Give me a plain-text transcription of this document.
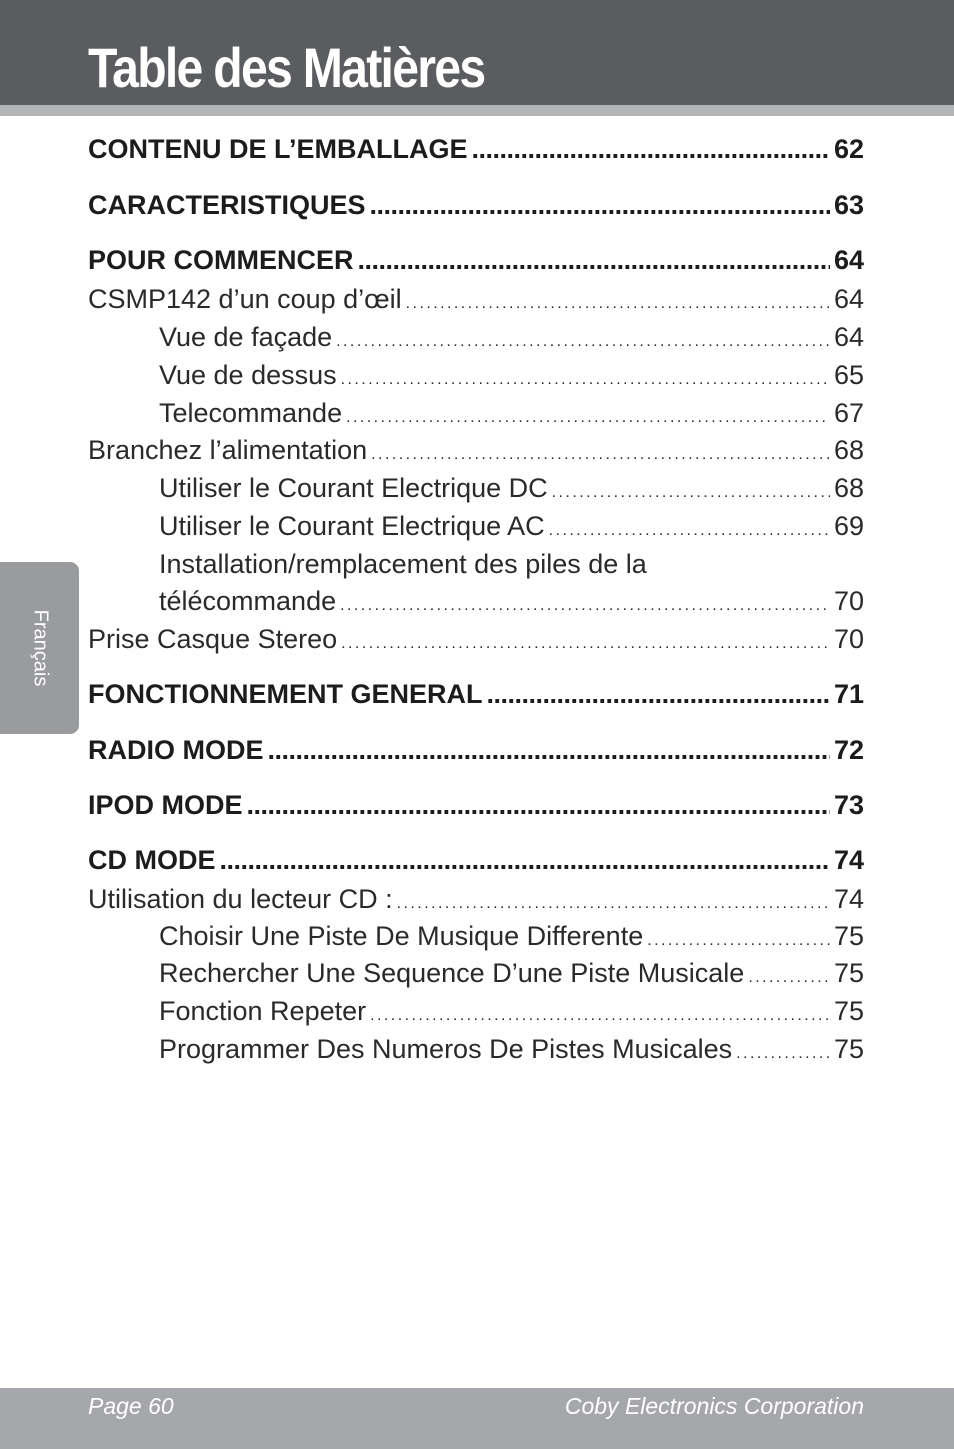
Table des Matières
Français
CONTENU DE L’EMBALLAGE . . .	62
CARACTERISTIQUES . . .	63
POUR COMMENCER . . .	64
CSMP142 d’un coup d’œil . . .	64
Vue de façade . . .	64
Vue de dessus . . .	65
Telecommande . . .	67
Branchez l’alimentation . . .	68
Utiliser le Courant Electrique DC . . .	68
Utiliser le Courant Electrique AC . . .	69
Installation/remplacement des piles de la
télécommande . . .	70
Prise Casque Stereo . . .	70
FONCTIONNEMENT GENERAL . . .	71
RADIO MODE . . .	72
IPOD MODE . . .	73
CD MODE . . .	74
Utilisation du lecteur CD : . . .	74
Choisir Une Piste De Musique Differente . . .	75
Rechercher Une Sequence D’une Piste Musicale . . .	75
Fonction Repeter . . .	75
Programmer Des Numeros De Pistes Musicales . . .	75
Page 60	Coby Electronics Corporation
